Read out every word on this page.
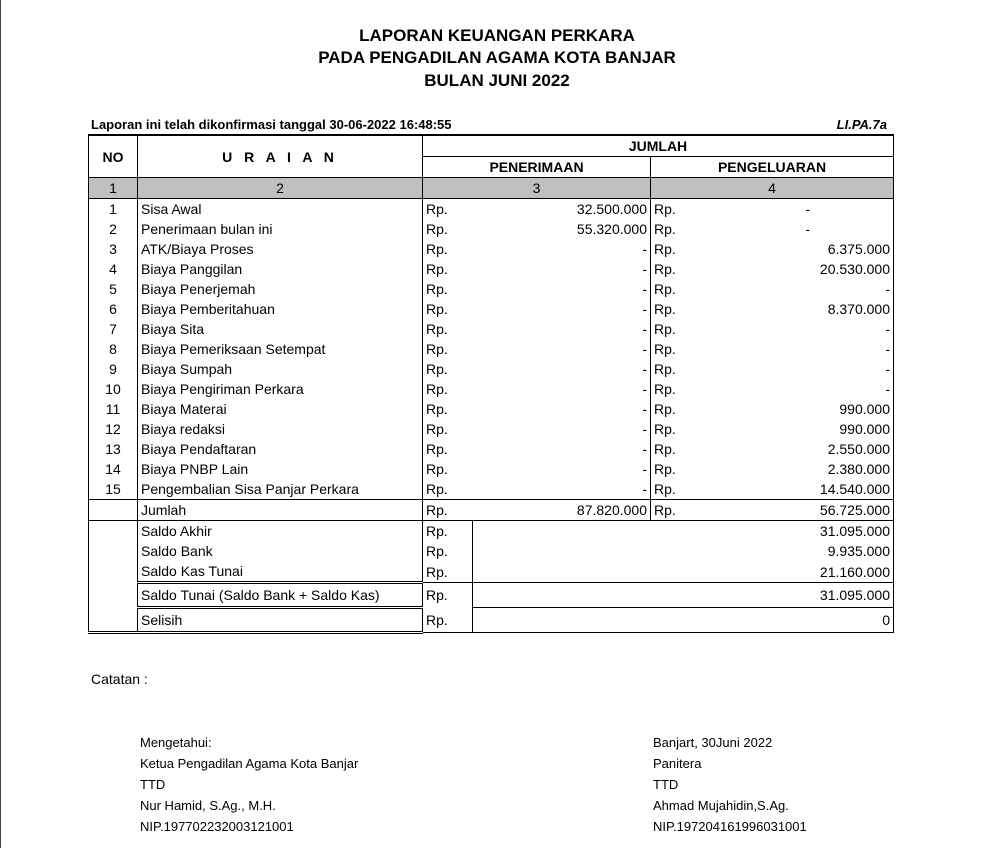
LAPORAN KEUANGAN PERKARA
PADA PENGADILAN AGAMA KOTA BANJAR
BULAN JUNI 2022
Laporan ini telah dikonfirmasi tanggal 30-06-2022 16:48:55	LI.PA.7a
NO	U R A I A N	JUMLAH			
		PENERIMAAN		PENGELUARAN	
1	2	3		4	
1	Sisa Awal	Rp.	32.500.000	Rp.	-
2	Penerimaan bulan ini	Rp.	55.320.000	Rp.	-
3	ATK/Biaya Proses	Rp.	-	Rp.	6.375.000
4	Biaya Panggilan	Rp.	-	Rp.	20.530.000
5	Biaya Penerjemah	Rp.	-	Rp.	-
6	Biaya Pemberitahuan	Rp.	-	Rp.	8.370.000
7	Biaya Sita	Rp.	-	Rp.	-
8	Biaya Pemeriksaan Setempat	Rp.	-	Rp.	-
9	Biaya Sumpah	Rp.	-	Rp.	-
10	Biaya Pengiriman Perkara	Rp.	-	Rp.	-
11	Biaya Materai	Rp.	-	Rp.	990.000
12	Biaya redaksi	Rp.	-	Rp.	990.000
13	Biaya Pendaftaran	Rp.	-	Rp.	2.550.000
14	Biaya PNBP Lain	Rp.	-	Rp.	2.380.000
15	Pengembalian Sisa Panjar Perkara	Rp.	-	Rp.	14.540.000
	Jumlah	Rp.	87.820.000	Rp.	56.725.000
	Saldo Akhir	Rp.	31.095.000		
	Saldo Bank	Rp.	9.935.000		
	Saldo Kas Tunai	Rp.	21.160.000		
	Saldo Tunai (Saldo Bank + Saldo Kas)	Rp.	31.095.000		
	Selisih	Rp.	0		
Catatan :
Mengetahui:
Ketua Pengadilan Agama Kota Banjar
TTD
Nur Hamid, S.Ag., M.H.
NIP.197702232003121001
Banjart, 30Juni 2022
Panitera
TTD
Ahmad Mujahidin,S.Ag.
NIP.197204161996031001
